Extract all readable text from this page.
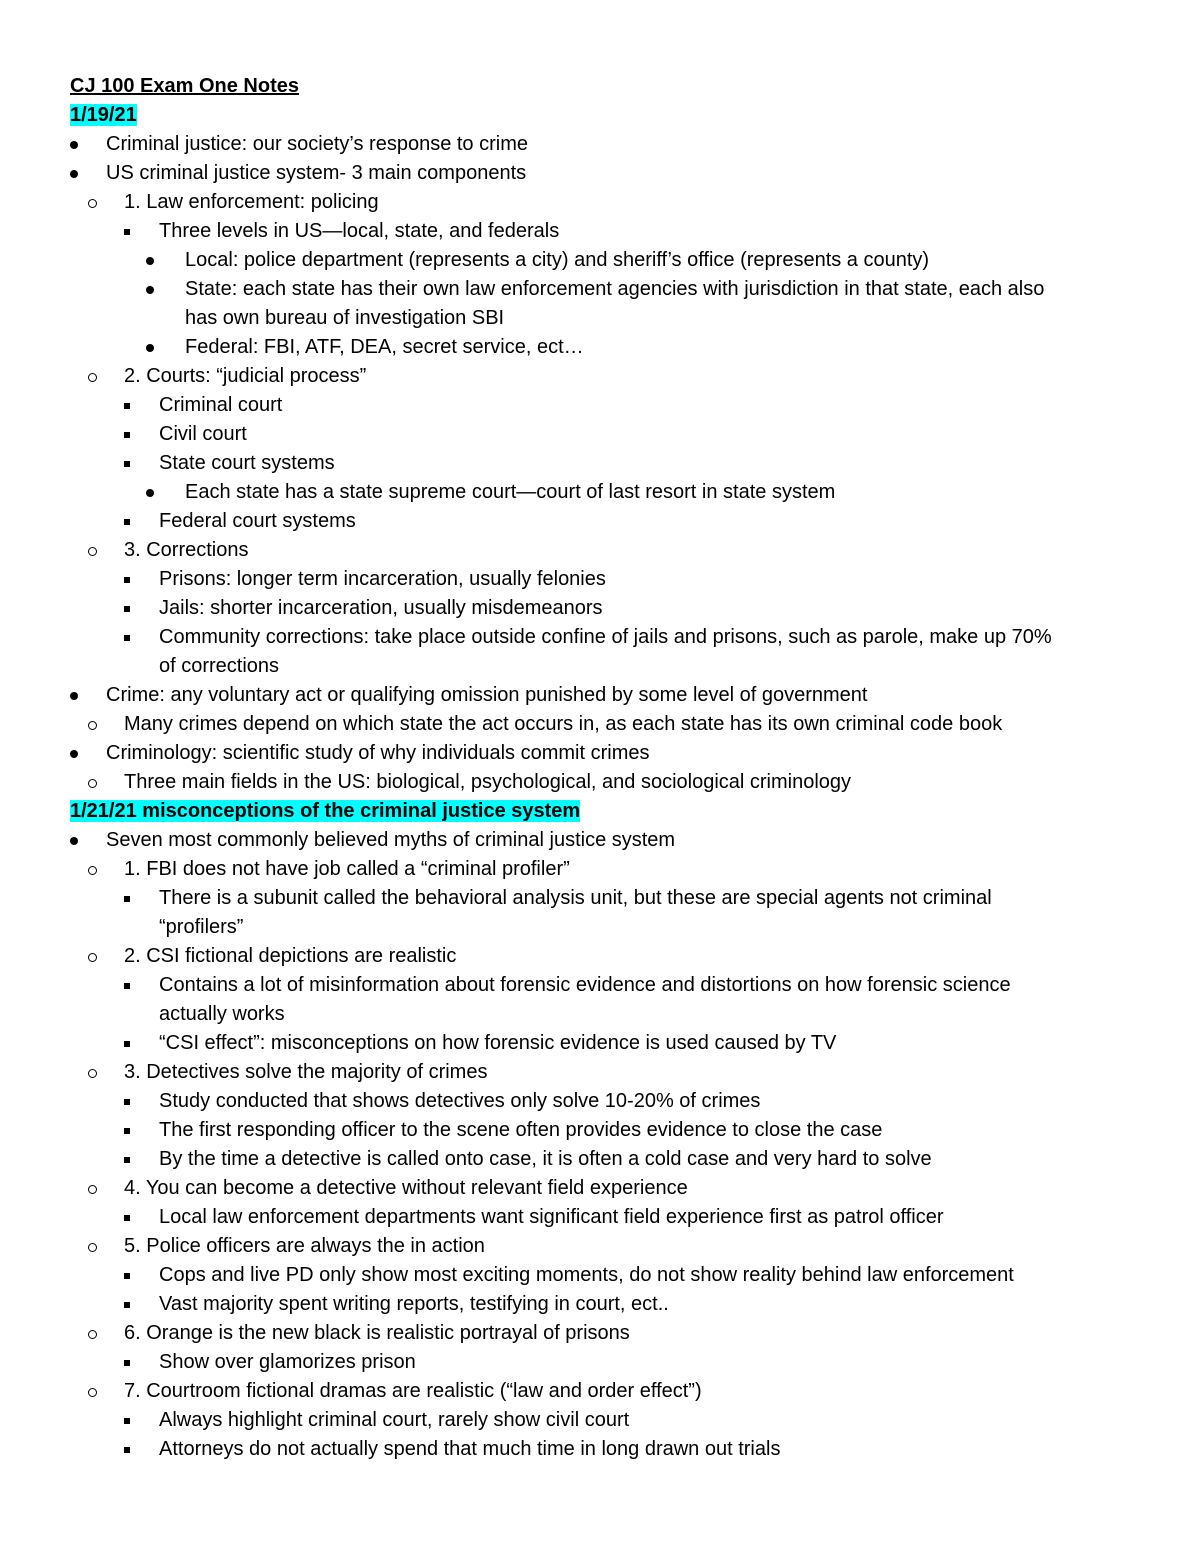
CJ 100 Exam One Notes
1/19/21
Criminal justice: our society’s response to crime
US criminal justice system- 3 main components
1. Law enforcement: policing
Three levels in US—local, state, and federals
Local: police department (represents a city) and sheriff’s office (represents a county)
State: each state has their own law enforcement agencies with jurisdiction in that state, each also
has own bureau of investigation SBI
Federal: FBI, ATF, DEA, secret service, ect…
2. Courts: “judicial process”
Criminal court
Civil court
State court systems
Each state has a state supreme court—court of last resort in state system
Federal court systems
3. Corrections
Prisons: longer term incarceration, usually felonies
Jails: shorter incarceration, usually misdemeanors
Community corrections: take place outside confine of jails and prisons, such as parole, make up 70%
of corrections
Crime: any voluntary act or qualifying omission punished by some level of government
Many crimes depend on which state the act occurs in, as each state has its own criminal code book
Criminology: scientific study of why individuals commit crimes
Three main fields in the US: biological, psychological, and sociological criminology
1/21/21 misconceptions of the criminal justice system
Seven most commonly believed myths of criminal justice system
1. FBI does not have job called a “criminal profiler”
There is a subunit called the behavioral analysis unit, but these are special agents not criminal
“profilers”
2. CSI fictional depictions are realistic
Contains a lot of misinformation about forensic evidence and distortions on how forensic science
actually works
“CSI effect”: misconceptions on how forensic evidence is used caused by TV
3. Detectives solve the majority of crimes
Study conducted that shows detectives only solve 10-20% of crimes
The first responding officer to the scene often provides evidence to close the case
By the time a detective is called onto case, it is often a cold case and very hard to solve
4. You can become a detective without relevant field experience
Local law enforcement departments want significant field experience first as patrol officer
5. Police officers are always the in action
Cops and live PD only show most exciting moments, do not show reality behind law enforcement
Vast majority spent writing reports, testifying in court, ect..
6. Orange is the new black is realistic portrayal of prisons
Show over glamorizes prison
7. Courtroom fictional dramas are realistic (“law and order effect”)
Always highlight criminal court, rarely show civil court
Attorneys do not actually spend that much time in long drawn out trials
